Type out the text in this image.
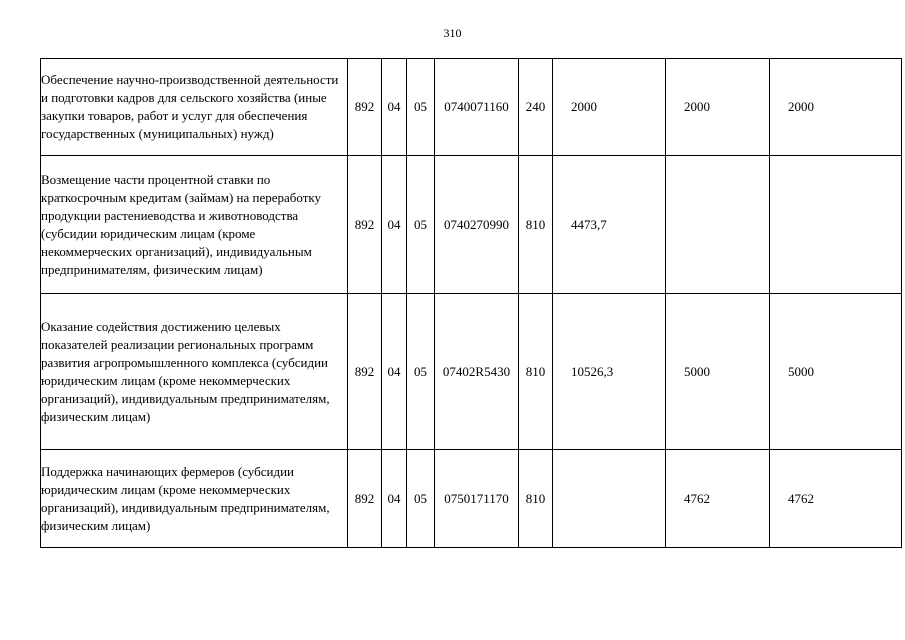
310
Обеспечение научно-производственной деятельности и подготовки кадров для сельского хозяйства (иные закупки товаров, работ и услуг для обеспечения государственных (муниципальных) нужд)	892	04	05	0740071160	240	2000	2000	2000
Возмещение части процентной ставки по краткосрочным кредитам (займам) на переработку продукции растениеводства и животноводства (субсидии юридическим лицам (кроме некоммерческих организаций), индивидуальным предпринимателям, физическим лицам)	892	04	05	0740270990	810	4473,7		
Оказание содействия достижению целевых показателей реализации региональных программ развития агропромышленного комплекса (субсидии юридическим лицам (кроме некоммерческих организаций), индивидуальным предпринимателям, физическим лицам)	892	04	05	07402R5430	810	10526,3	5000	5000
Поддержка начинающих фермеров (субсидии юридическим лицам (кроме некоммерческих организаций), индивидуальным предпринимателям, физическим лицам)	892	04	05	0750171170	810		4762	4762
